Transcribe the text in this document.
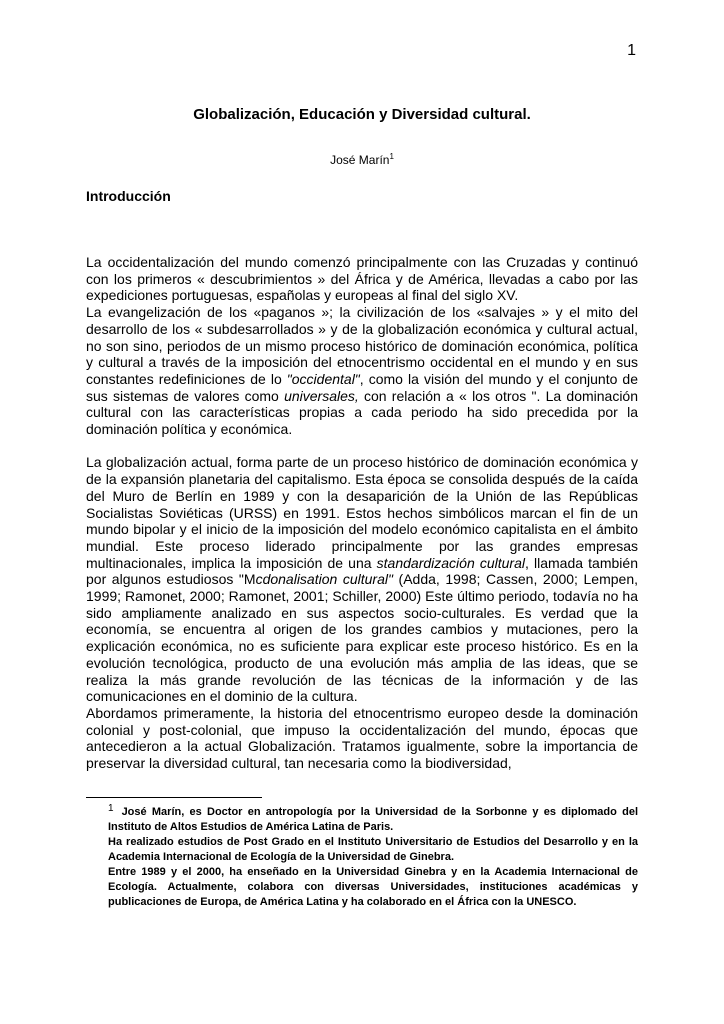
1
Globalización, Educación y Diversidad cultural.
José Marín$^1$
Introducción

La occidentalización del mundo comenzó principalmente con las Cruzadas y continuó con los primeros « descubrimientos » del África y de América, llevadas a cabo por las expediciones portuguesas, españolas y europeas al final del siglo XV.

La evangelización de los «paganos »; la civilización de los «salvajes » y el mito del desarrollo de los « subdesarrollados » y de la globalización económica y cultural actual, no son sino, periodos de un mismo proceso histórico de dominación económica, política y cultural a través de la imposición del etnocentrismo occidental en el mundo y en sus constantes redefiniciones de lo "occidental", como la visión del mundo y el conjunto de sus sistemas de valores como universales, con relación a « los otros ". La dominación cultural con las características propias a cada periodo ha sido precedida por la dominación política y económica.

La globalización actual, forma parte de un proceso histórico de dominación económica y de la expansión planetaria del capitalismo. Esta época se consolida después de la caída del Muro de Berlín en 1989 y con la desaparición de la Unión de las Repúblicas Socialistas Soviéticas (URSS) en 1991. Estos hechos simbólicos marcan el fin de un mundo bipolar y el inicio de la imposición del modelo económico capitalista en el ámbito mundial. Este proceso liderado principalmente por las grandes empresas multinacionales, implica la imposición de una standardización cultural, llamada también por algunos estudiosos "Mcdonalisation cultural" (Adda, 1998; Cassen, 2000; Lempen, 1999; Ramonet, 2000; Ramonet, 2001; Schiller, 2000) Este último periodo, todavía no ha sido ampliamente analizado en sus aspectos socio-culturales. Es verdad que la economía, se encuentra al origen de los grandes cambios y mutaciones, pero la explicación económica, no es suficiente para explicar este proceso histórico. Es en la evolución tecnológica, producto de una evolución más amplia de las ideas, que se realiza la más grande revolución de las técnicas de la información y de las comunicaciones en el dominio de la cultura.

Abordamos primeramente, la historia del etnocentrismo europeo desde la dominación colonial y post-colonial, que impuso la occidentalización del mundo, épocas que antecedieron a la actual Globalización. Tratamos igualmente, sobre la importancia de preservar la diversidad cultural, tan necesaria como la biodiversidad,

1 José Marín, es Doctor en antropología por la Universidad de la Sorbonne y es diplomado del Instituto de Altos Estudios de América Latina de Paris.

Ha realizado estudios de Post Grado en el Instituto Universitario de Estudios del Desarrollo y en la Academia Internacional de Ecología de la Universidad de Ginebra.

Entre 1989 y el 2000, ha enseñado en la Universidad Ginebra y en la Academia Internacional de Ecología. Actualmente, colabora con diversas Universidades, instituciones académicas y publicaciones de Europa, de América Latina y ha colaborado en el África con la UNESCO.
